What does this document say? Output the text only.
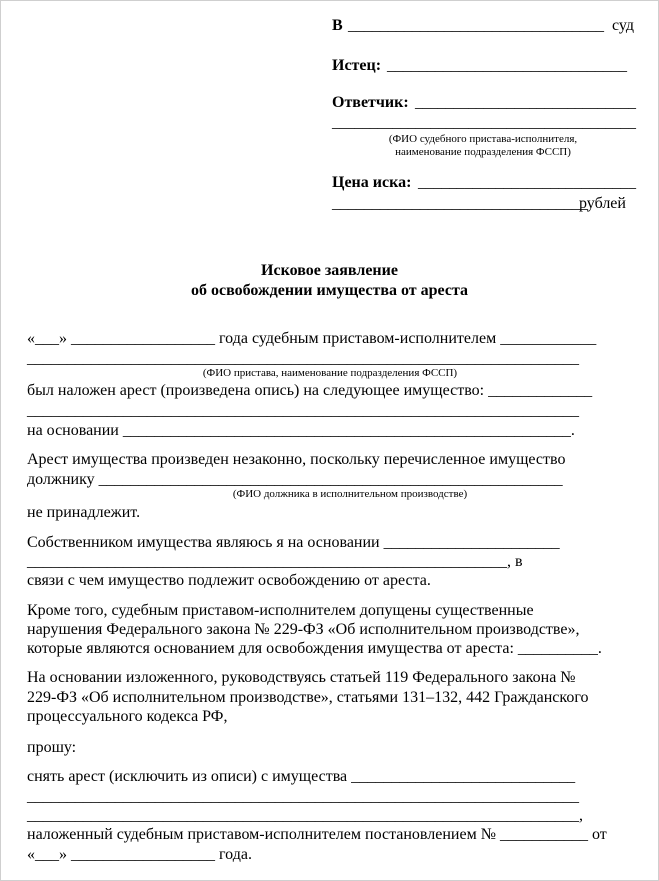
В ________________________________ суд
Истец: ______________________________
Ответчик: _____________________________
________________________________________
(ФИО судебного пристава-исполнителя,
наименование подразделения ФССП)
Цена иска: ____________________________
________________________________
рублей
Исковое заявление
об освобождении имущества от ареста
«___» __________________ года судебным приставом-исполнителем ____________
_____________________________________________________________________
(ФИО пристава, наименование подразделения ФССП)
был наложен арест (произведена опись) на следующее имущество: _____________
_____________________________________________________________________
на основании ________________________________________________________.
Арест имущества произведен незаконно, поскольку перечисленное имущество
должнику __________________________________________________________
(ФИО должника в исполнительном производстве)
не принадлежит.
Собственником имущества являюсь я на основании ______________________
____________________________________________________________, в
связи с чем имущество подлежит освобождению от ареста.
Кроме того, судебным приставом-исполнителем допущены существенные
нарушения Федерального закона № 229-ФЗ «Об исполнительном производстве»,
которые являются основанием для освобождения имущества от ареста: __________.
На основании изложенного, руководствуясь статьей 119 Федерального закона №
229-ФЗ «Об исполнительном производстве», статьями 131–132, 442 Гражданского
процессуального кодекса РФ,
прошу:
снять арест (исключить из описи) с имущества ____________________________
_____________________________________________________________________
_____________________________________________________________________,
наложенный судебным приставом-исполнителем постановлением № ___________ от
«___» __________________ года.
